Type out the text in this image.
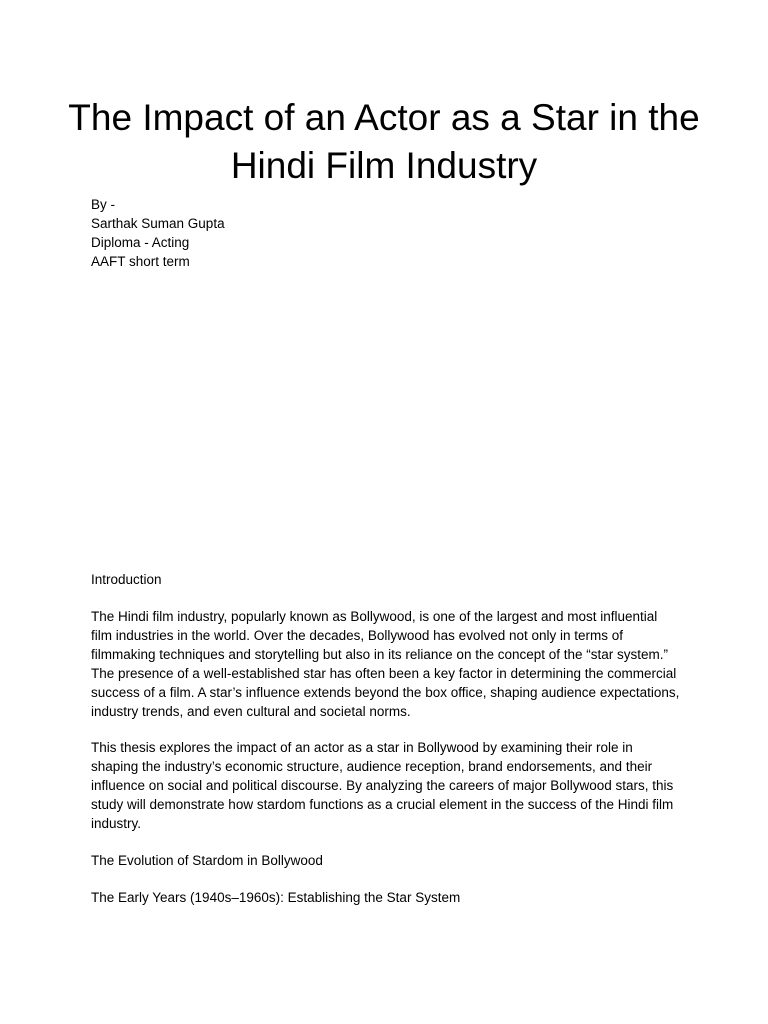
The Impact of an Actor as a Star in the Hindi Film Industry
By -
Sarthak Suman Gupta
Diploma - Acting
AAFT short term

Introduction

The Hindi film industry, popularly known as Bollywood, is one of the largest and most influential film industries in the world. Over the decades, Bollywood has evolved not only in terms of filmmaking techniques and storytelling but also in its reliance on the concept of the “star system.” The presence of a well-established star has often been a key factor in determining the commercial success of a film. A star’s influence extends beyond the box office, shaping audience expectations, industry trends, and even cultural and societal norms.

This thesis explores the impact of an actor as a star in Bollywood by examining their role in shaping the industry’s economic structure, audience reception, brand endorsements, and their influence on social and political discourse. By analyzing the careers of major Bollywood stars, this study will demonstrate how stardom functions as a crucial element in the success of the Hindi film industry.

The Evolution of Stardom in Bollywood

The Early Years (1940s–1960s): Establishing the Star System
